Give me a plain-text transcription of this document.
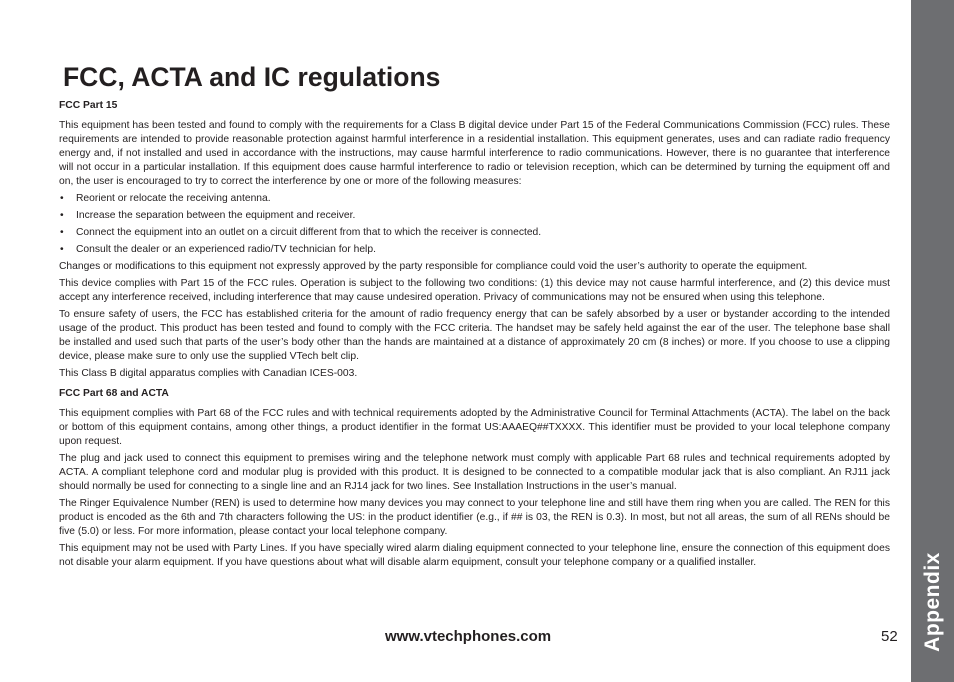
Appendix
FCC, ACTA and IC regulations
FCC Part 15

This equipment has been tested and found to comply with the requirements for a Class B digital device under Part 15 of the Federal Communications Commission (FCC) rules. These requirements are intended to provide reasonable protection against harmful interference in a residential installation. This equipment generates, uses and can radiate radio frequency energy and, if not installed and used in accordance with the instructions, may cause harmful interference to radio communications. However, there is no guarantee that interference will not occur in a particular installation. If this equipment does cause harmful interference to radio or television reception, which can be determined by turning the equipment off and on, the user is encouraged to try to correct the interference by one or more of the following measures:

• Reorient or relocate the receiving antenna.
• Increase the separation between the equipment and receiver.
• Connect the equipment into an outlet on a circuit different from that to which the receiver is connected.
• Consult the dealer or an experienced radio/TV technician for help.

Changes or modifications to this equipment not expressly approved by the party responsible for compliance could void the user’s authority to operate the equipment.

This device complies with Part 15 of the FCC rules. Operation is subject to the following two conditions: (1) this device may not cause harmful interference, and (2) this device must accept any interference received, including interference that may cause undesired operation. Privacy of communications may not be ensured when using this telephone.

To ensure safety of users, the FCC has established criteria for the amount of radio frequency energy that can be safely absorbed by a user or bystander according to the intended usage of the product. This product has been tested and found to comply with the FCC criteria. The handset may be safely held against the ear of the user. The telephone base shall be installed and used such that parts of the user’s body other than the hands are maintained at a distance of approximately 20 cm (8 inches) or more. If you choose to use a clipping device, please make sure to only use the supplied VTech belt clip.

This Class B digital apparatus complies with Canadian ICES-003.

FCC Part 68 and ACTA

This equipment complies with Part 68 of the FCC rules and with technical requirements adopted by the Administrative Council for Terminal Attachments (ACTA). The label on the back or bottom of this equipment contains, among other things, a product identifier in the format US:AAAEQ##TXXXX. This identifier must be provided to your local telephone company upon request.

The plug and jack used to connect this equipment to premises wiring and the telephone network must comply with applicable Part 68 rules and technical requirements adopted by ACTA. A compliant telephone cord and modular plug is provided with this product. It is designed to be connected to a compatible modular jack that is also compliant. An RJ11 jack should normally be used for connecting to a single line and an RJ14 jack for two lines. See Installation Instructions in the user’s manual.

The Ringer Equivalence Number (REN) is used to determine how many devices you may connect to your telephone line and still have them ring when you are called. The REN for this product is encoded as the 6th and 7th characters following the US: in the product identifier (e.g., if ## is 03, the REN is 0.3). In most, but not all areas, the sum of all RENs should be five (5.0) or less. For more information, please contact your local telephone company.

This equipment may not be used with Party Lines. If you have specially wired alarm dialing equipment connected to your telephone line, ensure the connection of this equipment does not disable your alarm equipment. If you have questions about what will disable alarm equipment, consult your telephone company or a qualified installer.

www.vtechphones.com	52
